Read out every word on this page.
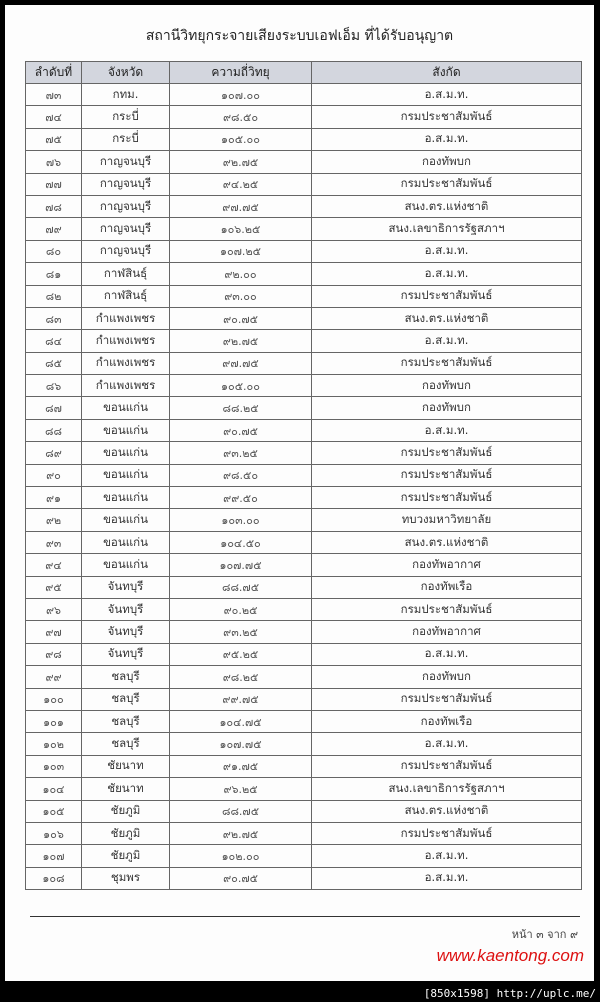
สถานีวิทยุกระจายเสียงระบบเอฟเอ็ม ที่ได้รับอนุญาต
ลำดับที่	จังหวัด	ความถี่วิทยุ	สังกัด
๗๓	กทม.	๑๐๗.๐๐	อ.ส.ม.ท.
๗๔	กระบี่	๙๘.๕๐	กรมประชาสัมพันธ์
๗๕	กระบี่	๑๐๕.๐๐	อ.ส.ม.ท.
๗๖	กาญจนบุรี	๙๒.๗๕	กองทัพบก
๗๗	กาญจนบุรี	๙๔.๒๕	กรมประชาสัมพันธ์
๗๘	กาญจนบุรี	๙๗.๗๕	สนง.ตร.แห่งชาติ
๗๙	กาญจนบุรี	๑๐๖.๒๕	สนง.เลขาธิการรัฐสภาฯ
๘๐	กาญจนบุรี	๑๐๗.๒๕	อ.ส.ม.ท.
๘๑	กาฬสินธุ์	๙๒.๐๐	อ.ส.ม.ท.
๘๒	กาฬสินธุ์	๙๓.๐๐	กรมประชาสัมพันธ์
๘๓	กำแพงเพชร	๙๐.๗๕	สนง.ตร.แห่งชาติ
๘๔	กำแพงเพชร	๙๒.๗๕	อ.ส.ม.ท.
๘๕	กำแพงเพชร	๙๗.๗๕	กรมประชาสัมพันธ์
๘๖	กำแพงเพชร	๑๐๕.๐๐	กองทัพบก
๘๗	ขอนแก่น	๘๘.๒๕	กองทัพบก
๘๘	ขอนแก่น	๙๐.๗๕	อ.ส.ม.ท.
๘๙	ขอนแก่น	๙๓.๒๕	กรมประชาสัมพันธ์
๙๐	ขอนแก่น	๙๘.๕๐	กรมประชาสัมพันธ์
๙๑	ขอนแก่น	๙๙.๕๐	กรมประชาสัมพันธ์
๙๒	ขอนแก่น	๑๐๓.๐๐	ทบวงมหาวิทยาลัย
๙๓	ขอนแก่น	๑๐๔.๕๐	สนง.ตร.แห่งชาติ
๙๔	ขอนแก่น	๑๐๗.๗๕	กองทัพอากาศ
๙๕	จันทบุรี	๘๘.๗๕	กองทัพเรือ
๙๖	จันทบุรี	๙๐.๒๕	กรมประชาสัมพันธ์
๙๗	จันทบุรี	๙๓.๒๕	กองทัพอากาศ
๙๘	จันทบุรี	๙๕.๒๕	อ.ส.ม.ท.
๙๙	ชลบุรี	๙๘.๒๕	กองทัพบก
๑๐๐	ชลบุรี	๙๙.๗๕	กรมประชาสัมพันธ์
๑๐๑	ชลบุรี	๑๐๔.๗๕	กองทัพเรือ
๑๐๒	ชลบุรี	๑๐๗.๗๕	อ.ส.ม.ท.
๑๐๓	ชัยนาท	๙๑.๗๕	กรมประชาสัมพันธ์
๑๐๔	ชัยนาท	๙๖.๒๕	สนง.เลขาธิการรัฐสภาฯ
๑๐๕	ชัยภูมิ	๘๘.๗๕	สนง.ตร.แห่งชาติ
๑๐๖	ชัยภูมิ	๙๒.๗๕	กรมประชาสัมพันธ์
๑๐๗	ชัยภูมิ	๑๐๒.๐๐	อ.ส.ม.ท.
๑๐๘	ชุมพร	๙๐.๗๕	อ.ส.ม.ท.
หน้า ๓ จาก ๙
www.kaentong.com
[850x1598] http://uplc.me/
